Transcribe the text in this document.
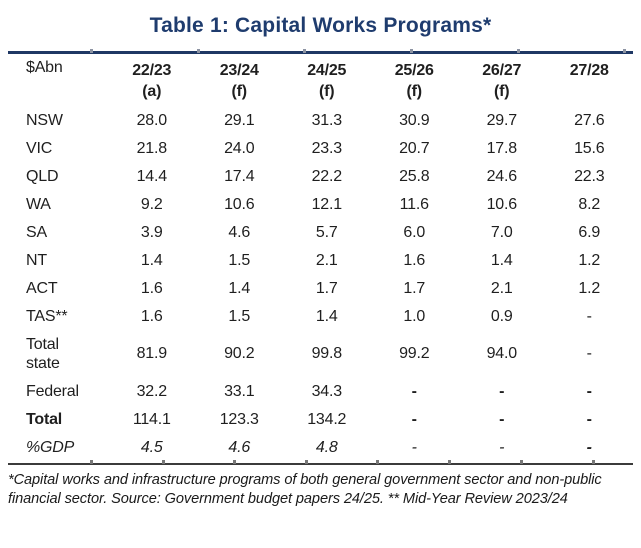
Table 1: Capital Works Programs*
$Abn	22/23	23/24	24/25	25/26	26/27	27/28
	(a)	(f)	(f)	(f)	(f)	
NSW	28.0	29.1	31.3	30.9	29.7	27.6
VIC	21.8	24.0	23.3	20.7	17.8	15.6
QLD	14.4	17.4	22.2	25.8	24.6	22.3
WA	9.2	10.6	12.1	11.6	10.6	8.2
SA	3.9	4.6	5.7	6.0	7.0	6.9
NT	1.4	1.5	2.1	1.6	1.4	1.2
ACT	1.6	1.4	1.7	1.7	2.1	1.2
TAS**	1.6	1.5	1.4	1.0	0.9	-
Total state	81.9	90.2	99.8	99.2	94.0	-
Federal	32.2	33.1	34.3	-	-	-
Total	114.1	123.3	134.2	-	-	-
%GDP	4.5	4.6	4.8	-	-	-
*Capital works and infrastructure programs of both general government sector and non-public financial sector. Source: Government budget papers 24/25. ** Mid-Year Review 2023/24
